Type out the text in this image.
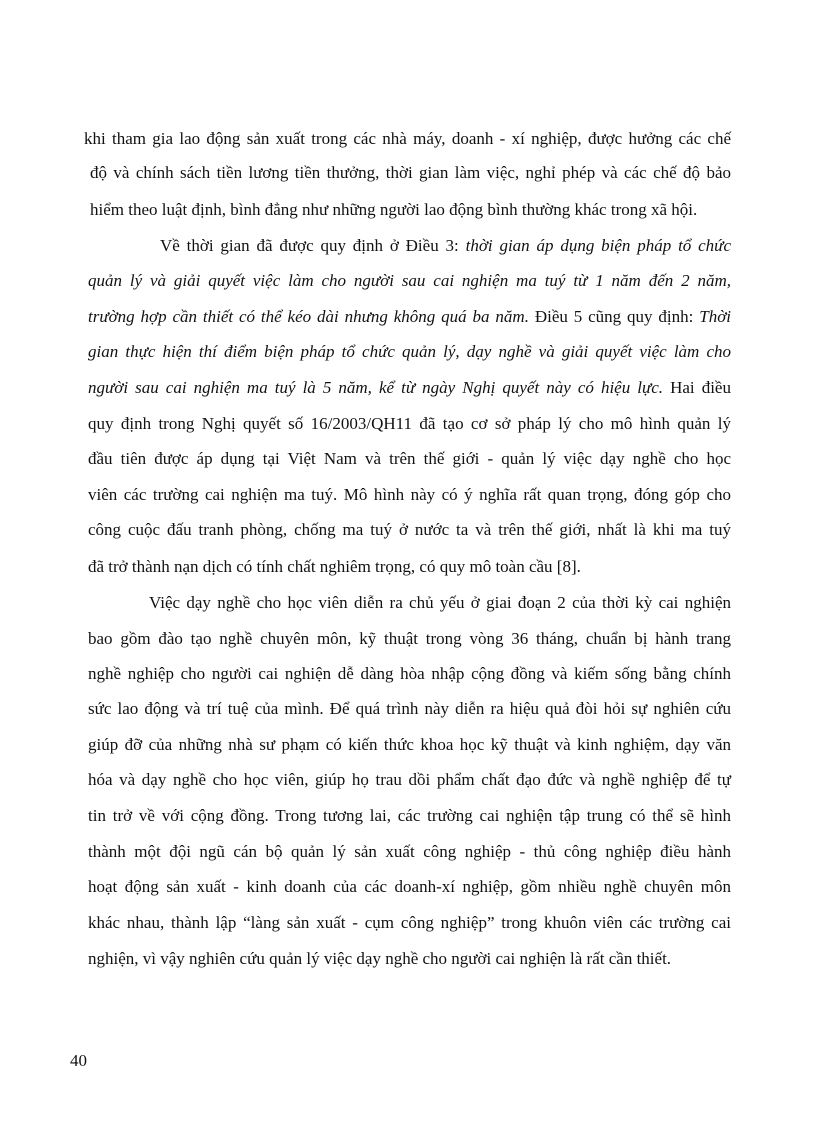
khi tham gia lao động sản xuất trong các nhà máy, doanh - xí nghiệp, được hưởng các chế
độ và chính sách tiền lương tiền thưởng, thời gian làm việc, nghỉ phép và các chế độ bảo
hiểm theo luật định, bình đẳng như những người lao động bình thường khác trong xã hội.
Về thời gian đã được quy định ở Điều 3: thời gian áp dụng biện pháp tổ chức
quản lý và giải quyết việc làm cho người sau cai nghiện ma tuý từ 1 năm đến 2 năm,
trường hợp cần thiết có thể kéo dài nhưng không quá ba năm. Điều 5 cũng quy định: Thời
gian thực hiện thí điểm biện pháp tổ chức quản lý, dạy nghề và giải quyết việc làm cho
người sau cai nghiện ma tuý là 5 năm, kể từ ngày Nghị quyết này có hiệu lực. Hai điều
quy định trong Nghị quyết số 16/2003/QH11 đã tạo cơ sở pháp lý cho mô hình quản lý
đầu tiên được áp dụng tại Việt Nam và trên thế giới - quản lý việc dạy nghề cho học
viên các trường cai nghiện ma tuý. Mô hình này có ý nghĩa rất quan trọng, đóng góp cho
công cuộc đấu tranh phòng, chống ma tuý ở nước ta và trên thế giới, nhất là khi ma tuý
đã trở thành nạn dịch có tính chất nghiêm trọng, có quy mô toàn cầu [8].
Việc dạy nghề cho học viên diễn ra chủ yếu ở giai đoạn 2 của thời kỳ cai nghiện
bao gồm đào tạo nghề chuyên môn, kỹ thuật trong vòng 36 tháng, chuẩn bị hành trang
nghề nghiệp cho người cai nghiện dễ dàng hòa nhập cộng đồng và kiếm sống bằng chính
sức lao động và trí tuệ của mình. Để quá trình này diễn ra hiệu quả đòi hỏi sự nghiên cứu
giúp đỡ của những nhà sư phạm có kiến thức khoa học kỹ thuật và kinh nghiệm, dạy văn
hóa và dạy nghề cho học viên, giúp họ trau dồi phẩm chất đạo đức và nghề nghiệp để tự
tin trở về với cộng đồng. Trong tương lai, các trường cai nghiện tập trung có thể sẽ hình
thành một đội ngũ cán bộ quản lý sản xuất công nghiệp - thủ công nghiệp điều hành
hoạt động sản xuất - kinh doanh của các doanh-xí nghiệp, gồm nhiều nghề chuyên môn
khác nhau, thành lập “làng sản xuất - cụm công nghiệp” trong khuôn viên các trường cai
nghiện, vì vậy nghiên cứu quản lý việc dạy nghề cho người cai nghiện là rất cần thiết.
40
